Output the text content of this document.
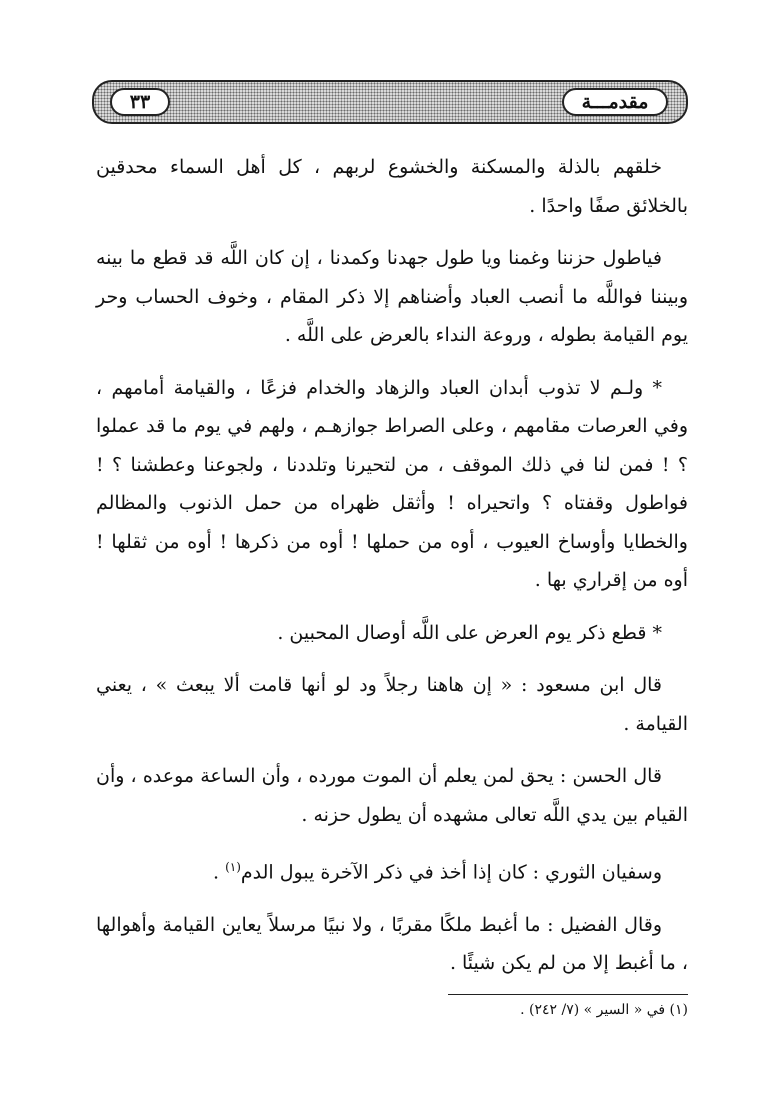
٣٣	مقدمـــة

خلقهم بالذلة والمسكنة والخشوع لربهم ، كل أهل السماء محدقين بالخلائق صفًا واحدًا .

فياطول حزننا وغمنا ويا طول جهدنا وكمدنا ، إن كان اللَّه قد قطع ما بينه وبيننا فواللَّه ما أنصب العباد وأضناهم إلا ذكر المقام ، وخوف الحساب وحر يوم القيامة بطوله ، وروعة النداء بالعرض على اللَّه .

* ولـم لا تذوب أبدان العباد والزهاد والخدام فزعًا ، والقيامة أمامهم ، وفي العرصات مقامهم ، وعلى الصراط جوازهـم ، ولهم في يوم ما قد عملوا ؟ ! فمن لنا في ذلك الموقف ، من لتحيرنا وتلددنا ، ولجوعنا وعطشنا ؟ ! فواطول وقفتاه ؟ واتحيراه ! وأثقل ظهراه من حمل الذنوب والمظالم والخطايا وأوساخ العيوب ، أوه من حملها ! أوه من ذكرها ! أوه من ثقلها ! أوه من إقراري بها .

* قطع ذكر يوم العرض على اللَّه أوصال المحبين .

قال ابن مسعود : « إن هاهنا رجلاً ود لو أنها قامت ألا يبعث » ، يعني القيامة .

قال الحسن : يحق لمن يعلم أن الموت مورده ، وأن الساعة موعده ، وأن القيام بين يدي اللَّه تعالى مشهده أن يطول حزنه .

وسفيان الثوري : كان إذا أخذ في ذكر الآخرة يبول الدم$^{(١)}$ .

وقال الفضيل : ما أغبط ملكًا مقربًا ، ولا نبيًا مرسلاً يعاين القيامة وأهوالها ، ما أغبط إلا من لم يكن شيئًا .

(١) في « السير » (٧/ ٢٤٢) .
